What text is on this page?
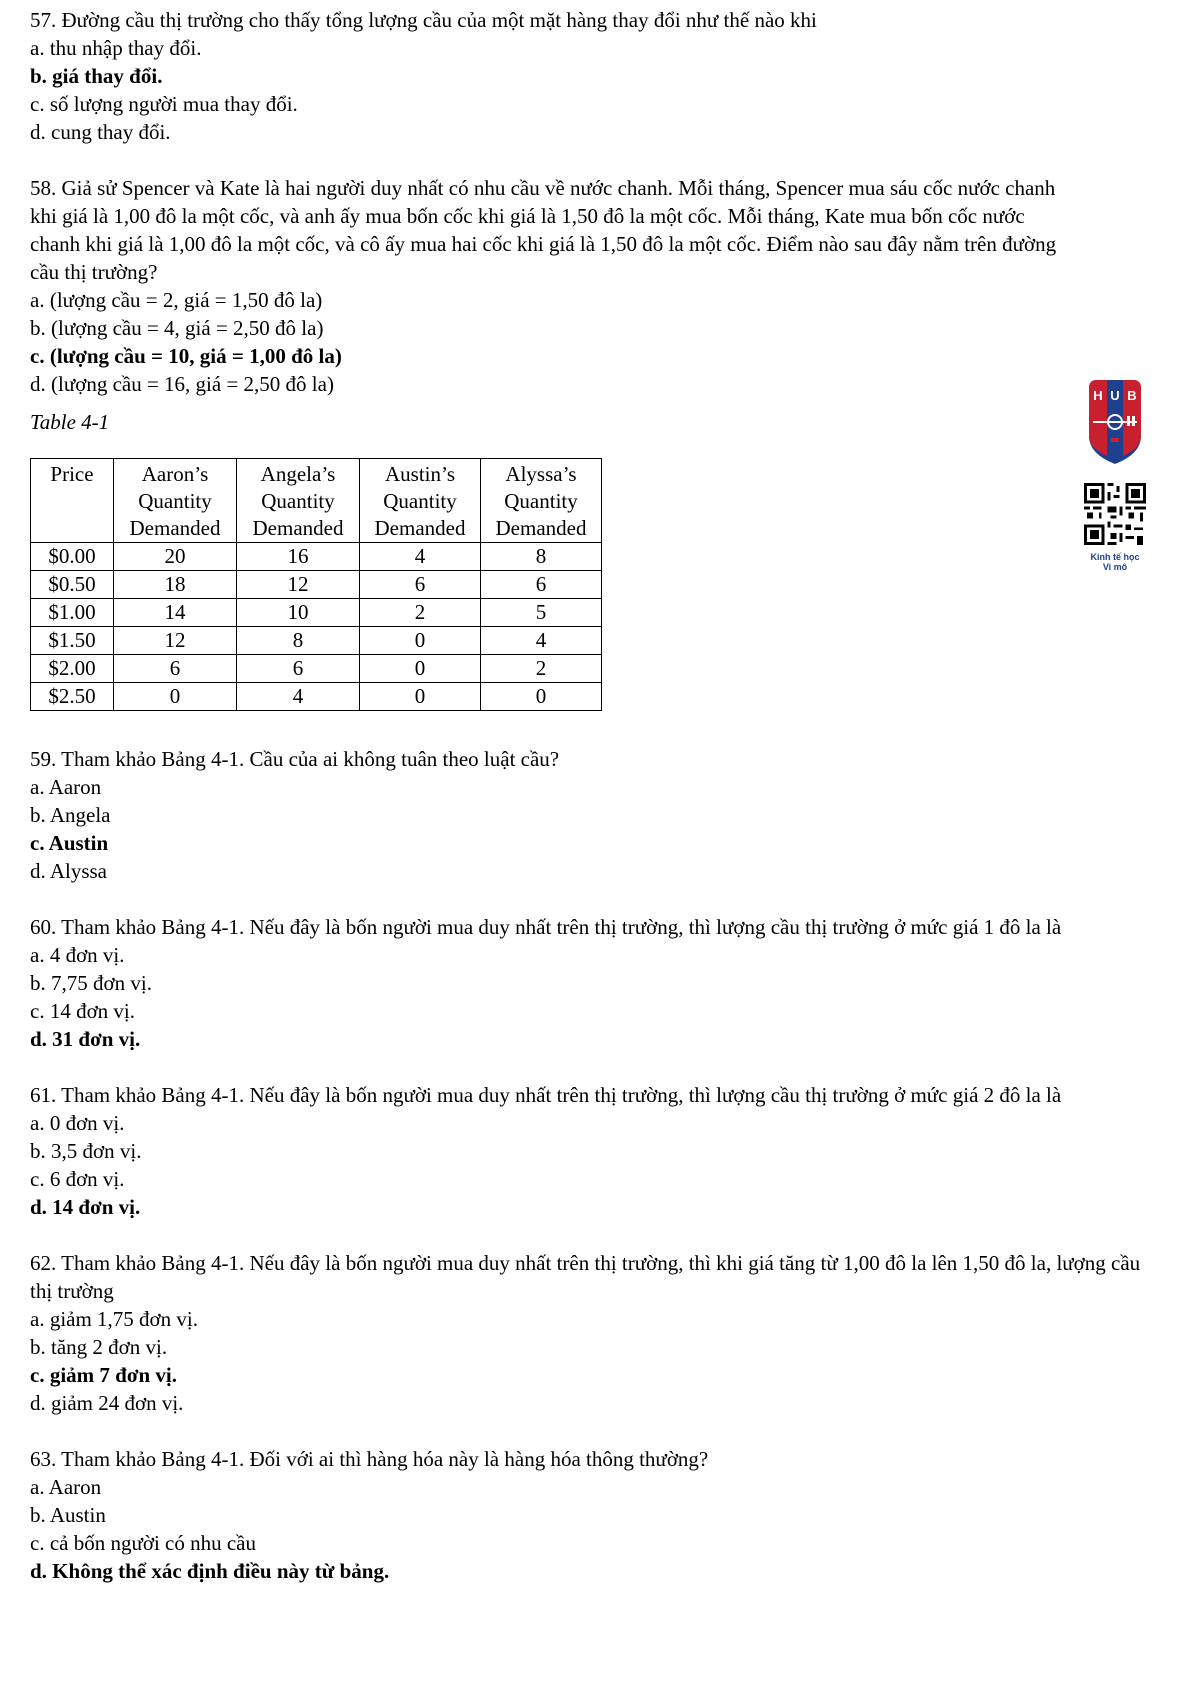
57. Đường cầu thị trường cho thấy tổng lượng cầu của một mặt hàng thay đổi như thế nào khi

a. thu nhập thay đổi.

b. giá thay đổi.

c. số lượng người mua thay đổi.

d. cung thay đổi.

58. Giả sử Spencer và Kate là hai người duy nhất có nhu cầu về nước chanh. Mỗi tháng, Spencer mua sáu cốc nước chanh khi giá là 1,00 đô la một cốc, và anh ấy mua bốn cốc khi giá là 1,50 đô la một cốc. Mỗi tháng, Kate mua bốn cốc nước chanh khi giá là 1,00 đô la một cốc, và cô ấy mua hai cốc khi giá là 1,50 đô la một cốc. Điểm nào sau đây nằm trên đường cầu thị trường?

a. (lượng cầu = 2, giá = 1,50 đô la)

b. (lượng cầu = 4, giá = 2,50 đô la)

c. (lượng cầu = 10, giá = 1,00 đô la)

d. (lượng cầu = 16, giá = 2,50 đô la)

Table 4-1

Price	Aaron’s
Quantity
Demanded	Angela’s
Quantity
Demanded	Austin’s
Quantity
Demanded	Alyssa’s
Quantity
Demanded
$0.00	20	16	4	8
$0.50	18	12	6	6
$1.00	14	10	2	5
$1.50	12	8	0	4
$2.00	6	6	0	2
$2.50	0	4	0	0

59. Tham khảo Bảng 4-1. Cầu của ai không tuân theo luật cầu?

a. Aaron

b. Angela

c. Austin

d. Alyssa

60. Tham khảo Bảng 4-1. Nếu đây là bốn người mua duy nhất trên thị trường, thì lượng cầu thị trường ở mức giá 1 đô la là

a. 4 đơn vị.

b. 7,75 đơn vị.

c. 14 đơn vị.

d. 31 đơn vị.

61. Tham khảo Bảng 4-1. Nếu đây là bốn người mua duy nhất trên thị trường, thì lượng cầu thị trường ở mức giá 2 đô la là

a. 0 đơn vị.

b. 3,5 đơn vị.

c. 6 đơn vị.

d. 14 đơn vị.

62. Tham khảo Bảng 4-1. Nếu đây là bốn người mua duy nhất trên thị trường, thì khi giá tăng từ 1,00 đô la lên 1,50 đô la, lượng cầu thị trường

a. giảm 1,75 đơn vị.

b. tăng 2 đơn vị.

c. giảm 7 đơn vị.

d. giảm 24 đơn vị.

63. Tham khảo Bảng 4-1. Đối với ai thì hàng hóa này là hàng hóa thông thường?

a. Aaron

b. Austin

c. cả bốn người có nhu cầu

d. Không thể xác định điều này từ bảng.

H U B

Kinh tế học
Vi mô
